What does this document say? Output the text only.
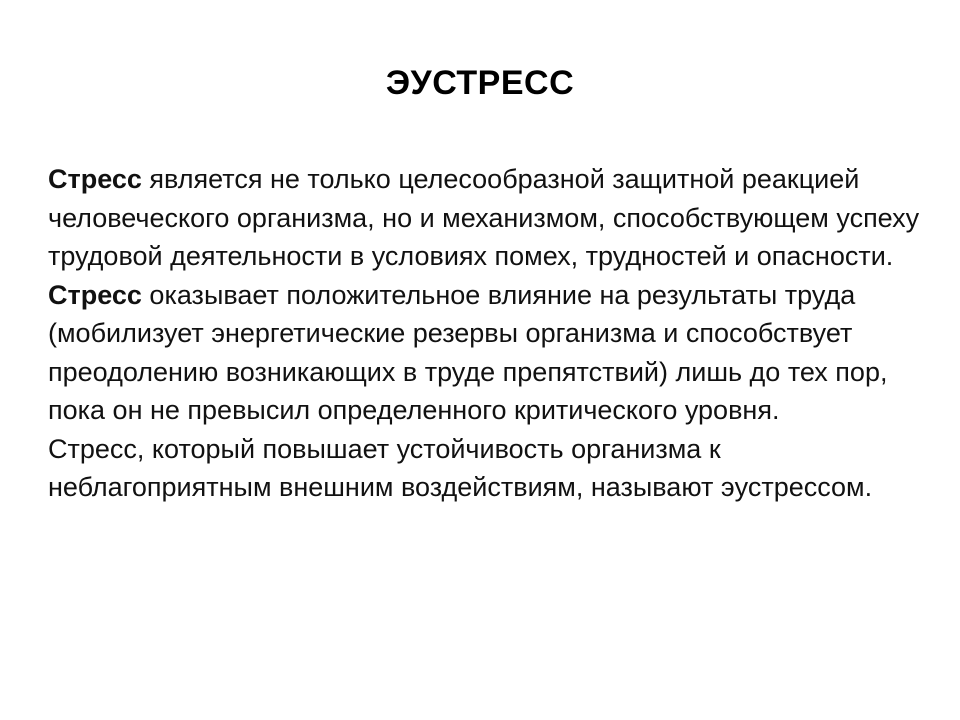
ЭУСТРЕСС

Стресс является не только целесообразной защитной реакцией человеческого организма, но и механизмом, способствующем успеху трудовой деятельности в условиях помех, трудностей и опасности.

Стресс оказывает положительное влияние на результаты труда (мобилизует энергетические резервы организма и способствует преодолению возникающих в труде препятствий) лишь до тех пор, пока он не превысил определенного критического уровня.

Стресс, который повышает устойчивость организма к неблагоприятным внешним воздействиям, называют эустрессом.
